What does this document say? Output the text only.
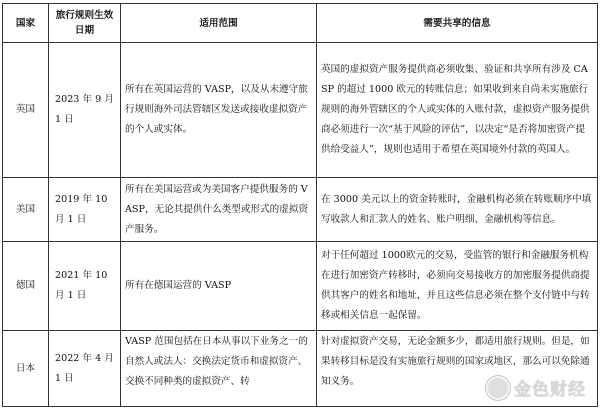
国家	旅行规则生效日期	适用范围	需要共享的信息
英国	2023 年 9 月 1 日	所有在英国运营的 VASP，以及从未遵守旅行规则海外司法管辖区发送或接收虚拟资产的个人或实体。	英国的虚拟资产服务提供商必须收集、验证和共享所有涉及 CASP 的超过 1000 欧元的转账信息；如果收到来自尚未实施旅行规则的海外管辖区的个人或实体的入账付款，虚拟资产服务提供商必须进行一次“基于风险的评估”，以决定“是否将加密资产提供给受益人”，规则也适用于希望在英国境外付款的英国人。
美国	2019 年 10 月 1 日	所有在美国运营或为美国客户提供服务的 VASP，无论其提供什么类型或形式的虚拟资产服务。	在 3000 美元以上的资金转账时，金融机构必须在转账顺序中填写收款人和汇款人的姓名、账户明细、金融机构等信息。
德国	2021 年 10 月 1 日	所有在德国运营的 VASP	对于任何超过 1000欧元的交易，受监管的银行和金融服务机构在进行加密资产转移时，必须向交易接收方的加密服务提供商提供其客户的姓名和地址，并且这些信息必须在整个支付链中与转移或相关信息一起保留。
日本	2022 年 4 月 1 日	VASP 范围包括在日本从事以下业务之一的自然人或法人：交换法定货币和虚拟资产、交换不同种类的虚拟资产、转	针对虚拟资产交易，无论金额多少，都适用旅行规则。但是，如果转移目标是没有实施旅行规则的国家或地区，那么可以免除通知义务。	金色财经
